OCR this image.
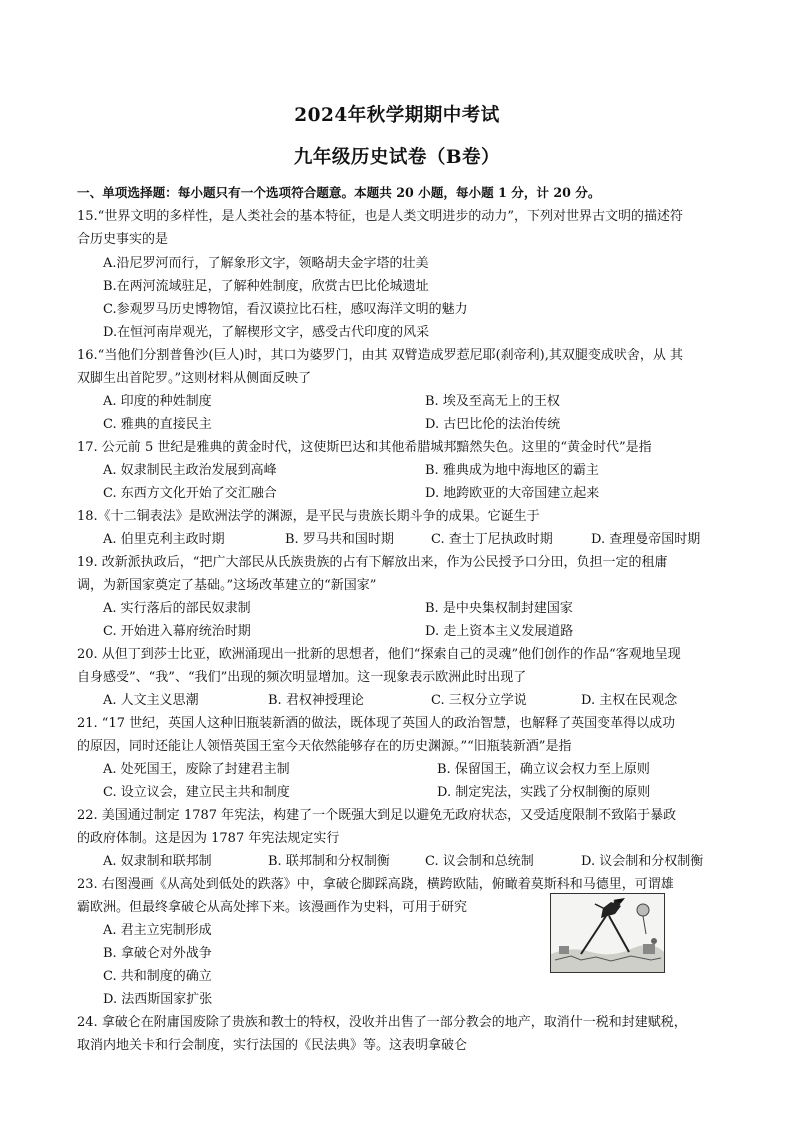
2024年秋学期期中考试
九年级历史试卷（B卷）
一、单项选择题：每小题只有一个选项符合题意。本题共 20 小题，每小题 1 分，计 20 分。
15.“世界文明的多样性，是人类社会的基本特征，也是人类文明进步的动力”，下列对世界古文明的描述符
合历史事实的是
A.沿尼罗河而行，了解象形文字，领略胡夫金字塔的壮美
B.在两河流域驻足，了解种姓制度，欣赏古巴比伦城遗址
C.参观罗马历史博物馆，看汉谟拉比石柱，感叹海洋文明的魅力
D.在恒河南岸观光，了解楔形文字，感受古代印度的风采
16.“当他们分割普鲁沙(巨人)时，其口为婆罗门，由其 双臂造成罗惹尼耶(刹帝利),其双腿变成吠舍，从 其
双脚生出首陀罗。”这则材料从侧面反映了
A. 印度的种姓制度	B. 埃及至高无上的王权
C. 雅典的直接民主	D. 古巴比伦的法治传统
17. 公元前 5 世纪是雅典的黄金时代，这使斯巴达和其他希腊城邦黯然失色。这里的“黄金时代”是指
A. 奴隶制民主政治发展到高峰	B. 雅典成为地中海地区的霸主
C. 东西方文化开始了交汇融合	D. 地跨欧亚的大帝国建立起来
18.《十二铜表法》是欧洲法学的渊源，是平民与贵族长期斗争的成果。它诞生于
A. 伯里克利主政时期	B. 罗马共和国时期	C. 查士丁尼执政时期	D. 查理曼帝国时期
19. 改新派执政后，“把广大部民从氏族贵族的占有下解放出来，作为公民授予口分田，负担一定的租庸
调，为新国家奠定了基础。”这场改革建立的“新国家”
A. 实行落后的部民奴隶制	B. 是中央集权制封建国家
C. 开始进入幕府统治时期	D. 走上资本主义发展道路
20. 从但丁到莎士比亚，欧洲涌现出一批新的思想者，他们“探索自己的灵魂”他们创作的作品“客观地呈现
自身感受”、“我”、“我们”出现的频次明显增加。这一现象表示欧洲此时出现了
A. 人文主义思潮	B. 君权神授理论	C. 三权分立学说	D. 主权在民观念
21. “17 世纪，英国人这种旧瓶装新酒的做法，既体现了英国人的政治智慧，也解释了英国变革得以成功
的原因，同时还能让人领悟英国王室今天依然能够存在的历史渊源。”“旧瓶装新酒”是指
A. 处死国王，废除了封建君主制	B. 保留国王，确立议会权力至上原则
C. 设立议会，建立民主共和制度	D. 制定宪法，实践了分权制衡的原则
22. 美国通过制定 1787 年宪法，构建了一个既强大到足以避免无政府状态，又受适度限制不致陷于暴政
的政府体制。这是因为 1787 年宪法规定实行
A. 奴隶制和联邦制	B. 联邦制和分权制衡	C. 议会制和总统制	D. 议会制和分权制衡
23. 右图漫画《从高处到低处的跌落》中，拿破仑脚踩高跷，横跨欧陆，俯瞰着莫斯科和马德里，可谓雄
霸欧洲。但最终拿破仑从高处摔下来。该漫画作为史料，可用于研究
A. 君主立宪制形成
B. 拿破仑对外战争
C. 共和制度的确立
D. 法西斯国家扩张
24. 拿破仑在附庸国废除了贵族和教士的特权，没收并出售了一部分教会的地产，取消什一税和封建赋税，
取消内地关卡和行会制度，实行法国的《民法典》等。这表明拿破仑
